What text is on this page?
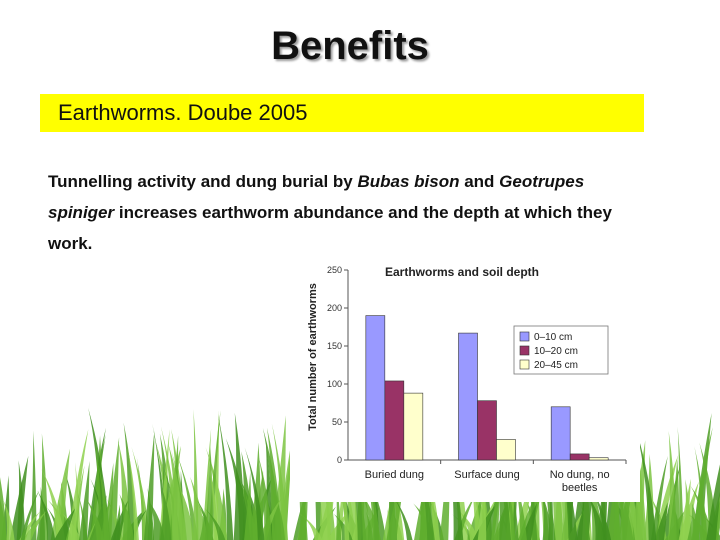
Benefits
Earthworms. Doube 2005
Tunnelling activity and dung burial by Bubas bison and Geotrupes spiniger increases earthworm abundance and the depth at which they work.
Earthworms and soil depth
Total number of earthworms
0
50
100
150
200
250
Buried dung	Surface dung	No dung, no
beetles
0–10 cm
10–20 cm
20–45 cm
